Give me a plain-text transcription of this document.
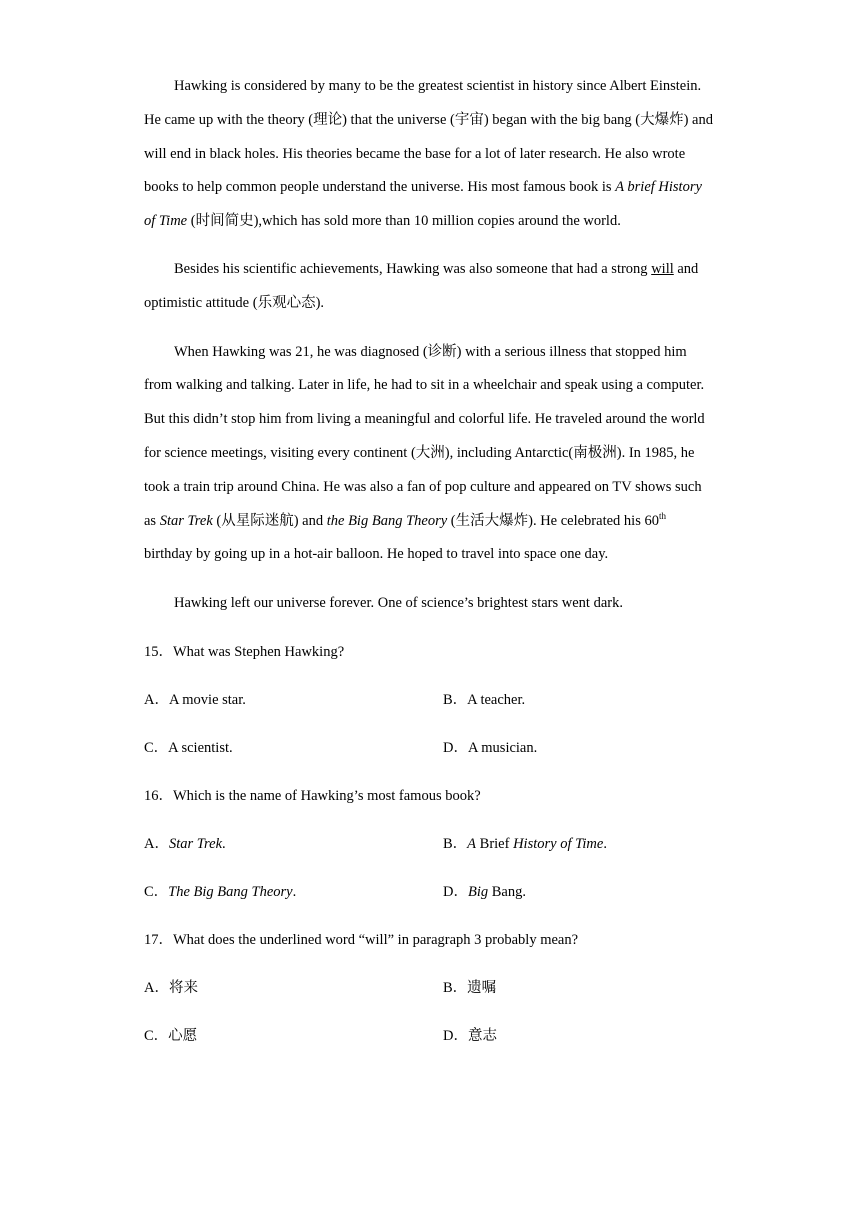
Hawking is considered by many to be the greatest scientist in history since Albert Einstein. He came up with the theory (理论) that the universe (宇宙) began with the big bang (大爆炸) and will end in black holes. His theories became the base for a lot of later research. He also wrote books to help common people understand the universe. His most famous book is A brief History of Time (时间简史),which has sold more than 10 million copies around the world.

Besides his scientific achievements, Hawking was also someone that had a strong will and optimistic attitude (乐观心态).

When Hawking was 21, he was diagnosed (诊断) with a serious illness that stopped him from walking and talking. Later in life, he had to sit in a wheelchair and speak using a computer. But this didn’t stop him from living a meaningful and colorful life. He traveled around the world for science meetings, visiting every continent (大洲), including Antarctic(南极洲). In 1985, he took a train trip around China. He was also a fan of pop culture and appeared on TV shows such as Star Trek (从星际迷航) and the Big Bang Theory (生活大爆炸). He celebrated his 60th birthday by going up in a hot-air balloon. He hoped to travel into space one day.

Hawking left our universe forever. One of science’s brightest stars went dark.

15．What was Stephen Hawking?
A．A movie star.	B．A teacher.
C．A scientist.	D．A musician.
16．Which is the name of Hawking’s most famous book?
A．Star Trek.	B．A Brief History of Time.
C．The Big Bang Theory.	D．Big Bang.
17．What does the underlined word “will” in paragraph 3 probably mean?
A．将来	B．遗嘱
C．心愿	D．意志
